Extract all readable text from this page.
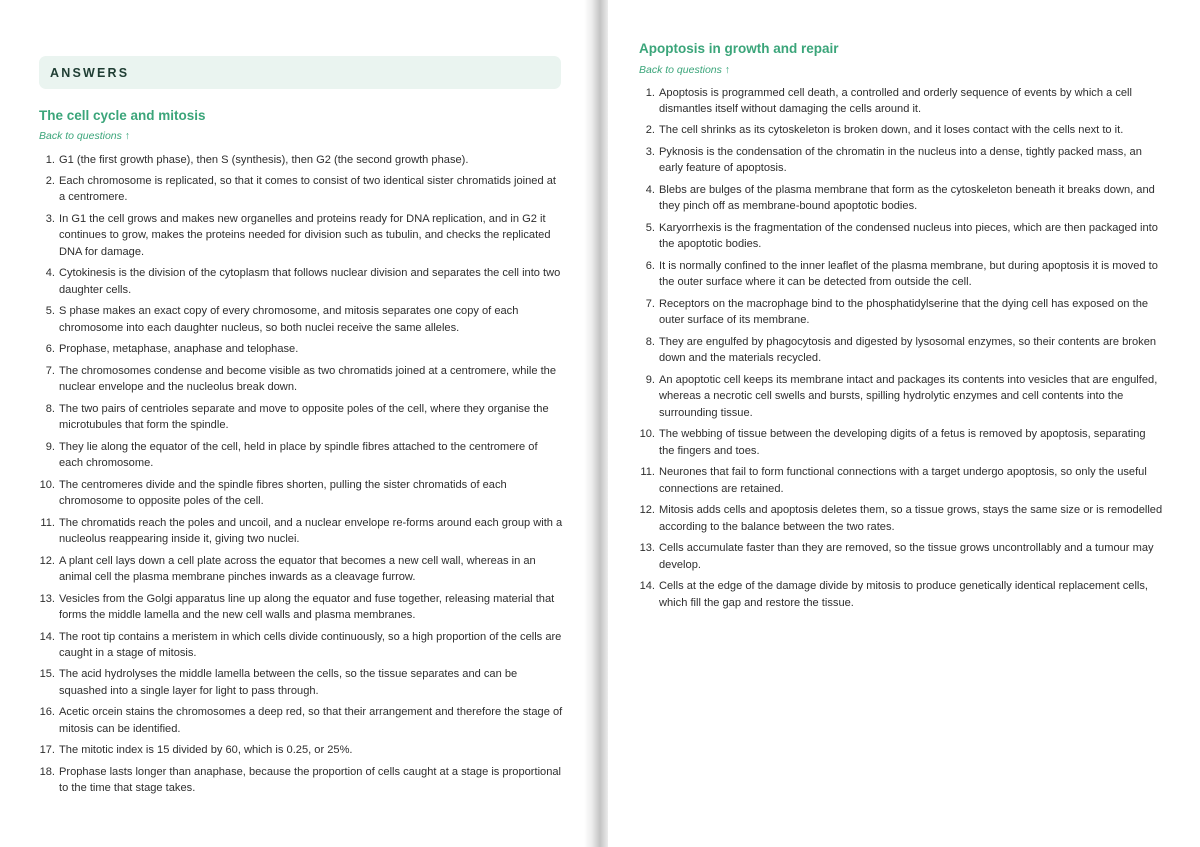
ANSWERS
The cell cycle and mitosis
Back to questions ↑
1. G1 (the first growth phase), then S (synthesis), then G2 (the second growth phase).
2. Each chromosome is replicated, so that it comes to consist of two identical sister chromatids joined at a centromere.
3. In G1 the cell grows and makes new organelles and proteins ready for DNA replication, and in G2 it continues to grow, makes the proteins needed for division such as tubulin, and checks the replicated DNA for damage.
4. Cytokinesis is the division of the cytoplasm that follows nuclear division and separates the cell into two daughter cells.
5. S phase makes an exact copy of every chromosome, and mitosis separates one copy of each chromosome into each daughter nucleus, so both nuclei receive the same alleles.
6. Prophase, metaphase, anaphase and telophase.
7. The chromosomes condense and become visible as two chromatids joined at a centromere, while the nuclear envelope and the nucleolus break down.
8. The two pairs of centrioles separate and move to opposite poles of the cell, where they organise the microtubules that form the spindle.
9. They lie along the equator of the cell, held in place by spindle fibres attached to the centromere of each chromosome.
10. The centromeres divide and the spindle fibres shorten, pulling the sister chromatids of each chromosome to opposite poles of the cell.
11. The chromatids reach the poles and uncoil, and a nuclear envelope re-forms around each group with a nucleolus reappearing inside it, giving two nuclei.
12. A plant cell lays down a cell plate across the equator that becomes a new cell wall, whereas in an animal cell the plasma membrane pinches inwards as a cleavage furrow.
13. Vesicles from the Golgi apparatus line up along the equator and fuse together, releasing material that forms the middle lamella and the new cell walls and plasma membranes.
14. The root tip contains a meristem in which cells divide continuously, so a high proportion of the cells are caught in a stage of mitosis.
15. The acid hydrolyses the middle lamella between the cells, so the tissue separates and can be squashed into a single layer for light to pass through.
16. Acetic orcein stains the chromosomes a deep red, so that their arrangement and therefore the stage of mitosis can be identified.
17. The mitotic index is 15 divided by 60, which is 0.25, or 25%.
18. Prophase lasts longer than anaphase, because the proportion of cells caught at a stage is proportional to the time that stage takes.
Apoptosis in growth and repair
Back to questions ↑
1. Apoptosis is programmed cell death, a controlled and orderly sequence of events by which a cell dismantles itself without damaging the cells around it.
2. The cell shrinks as its cytoskeleton is broken down, and it loses contact with the cells next to it.
3. Pyknosis is the condensation of the chromatin in the nucleus into a dense, tightly packed mass, an early feature of apoptosis.
4. Blebs are bulges of the plasma membrane that form as the cytoskeleton beneath it breaks down, and they pinch off as membrane-bound apoptotic bodies.
5. Karyorrhexis is the fragmentation of the condensed nucleus into pieces, which are then packaged into the apoptotic bodies.
6. It is normally confined to the inner leaflet of the plasma membrane, but during apoptosis it is moved to the outer surface where it can be detected from outside the cell.
7. Receptors on the macrophage bind to the phosphatidylserine that the dying cell has exposed on the outer surface of its membrane.
8. They are engulfed by phagocytosis and digested by lysosomal enzymes, so their contents are broken down and the materials recycled.
9. An apoptotic cell keeps its membrane intact and packages its contents into vesicles that are engulfed, whereas a necrotic cell swells and bursts, spilling hydrolytic enzymes and cell contents into the surrounding tissue.
10. The webbing of tissue between the developing digits of a fetus is removed by apoptosis, separating the fingers and toes.
11. Neurones that fail to form functional connections with a target undergo apoptosis, so only the useful connections are retained.
12. Mitosis adds cells and apoptosis deletes them, so a tissue grows, stays the same size or is remodelled according to the balance between the two rates.
13. Cells accumulate faster than they are removed, so the tissue grows uncontrollably and a tumour may develop.
14. Cells at the edge of the damage divide by mitosis to produce genetically identical replacement cells, which fill the gap and restore the tissue.
